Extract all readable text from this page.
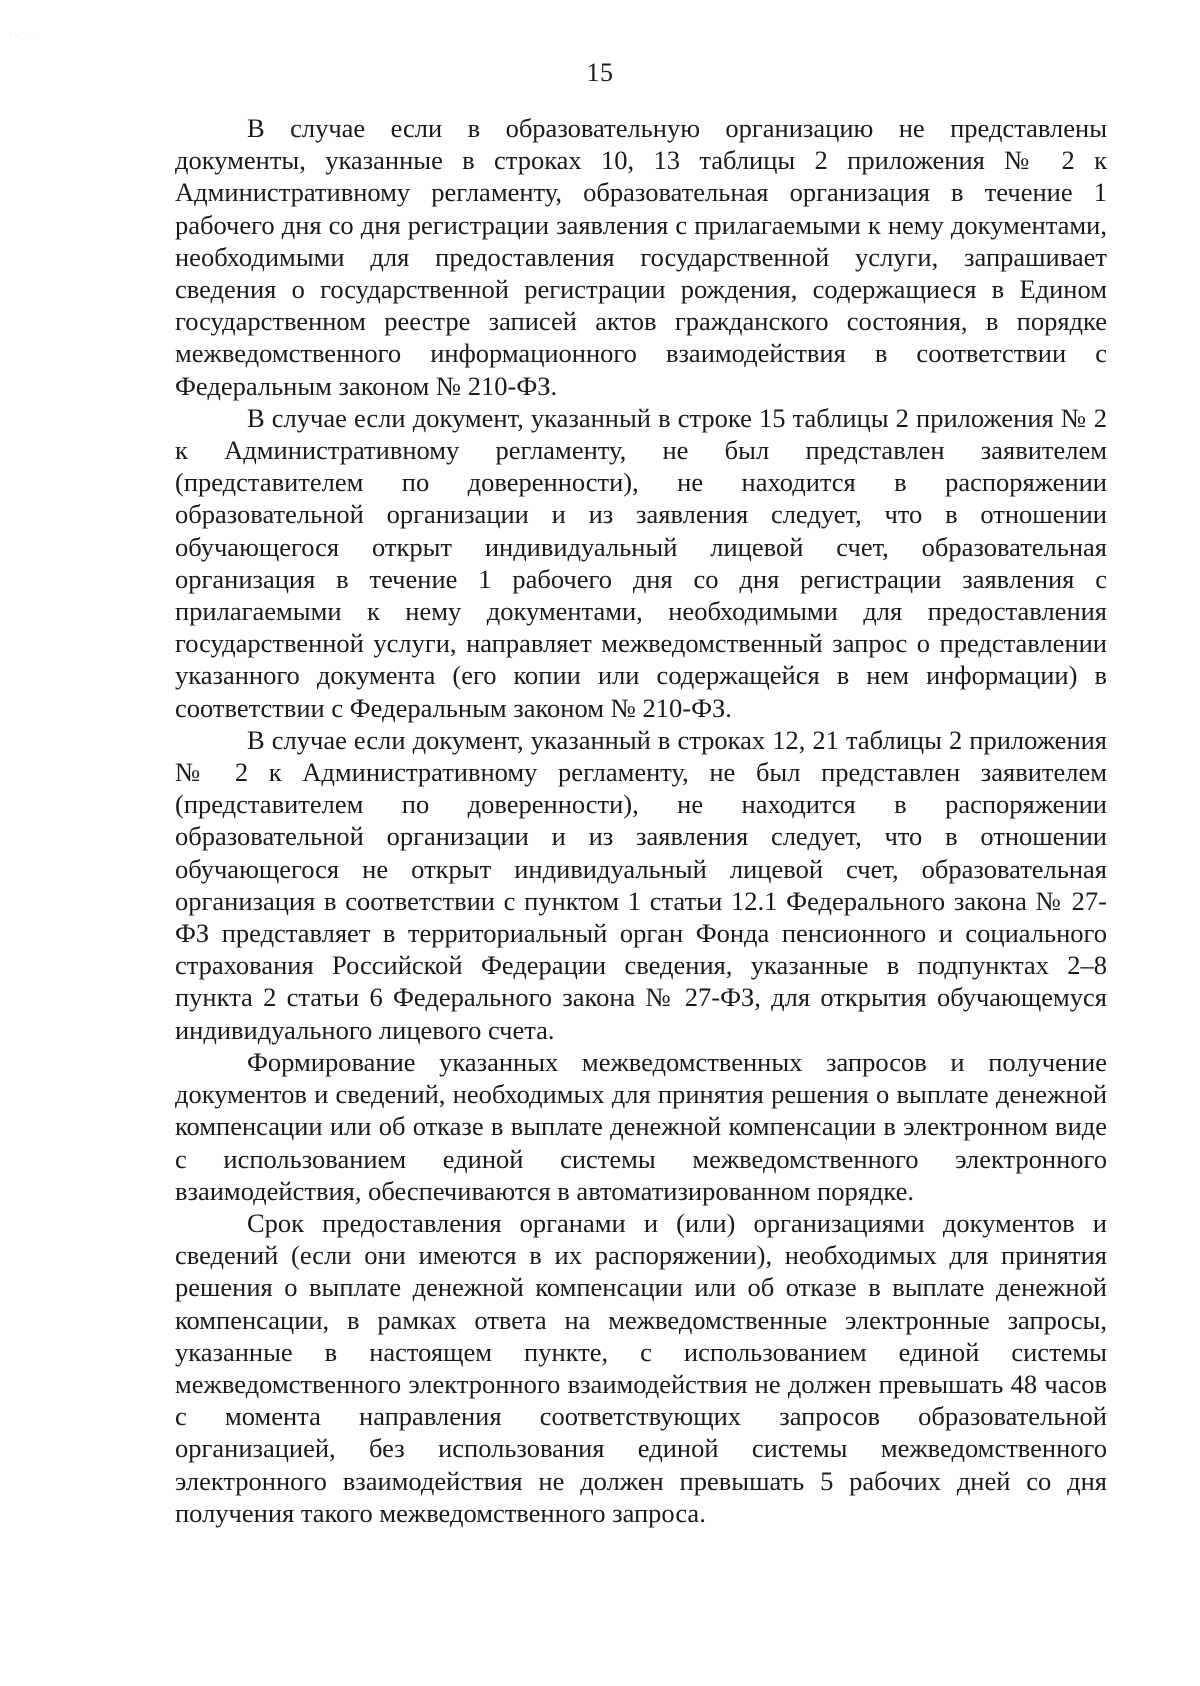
15

В случае если в образовательную организацию не представлены документы, указанные в строках 10, 13 таблицы 2 приложения № 2 к Административному регламенту, образовательная организация в течение 1 рабочего дня со дня регистрации заявления с прилагаемыми к нему документами, необходимыми для предоставления государственной услуги, запрашивает сведения о государственной регистрации рождения, содержащиеся в Едином государственном реестре записей актов гражданского состояния, в порядке межведомственного информационного взаимодействия в соответствии с Федеральным законом № 210-ФЗ.

В случае если документ, указанный в строке 15 таблицы 2 приложения № 2 к Административному регламенту, не был представлен заявителем (представителем по доверенности), не находится в распоряжении образовательной организации и из заявления следует, что в отношении обучающегося открыт индивидуальный лицевой счет, образовательная организация в течение 1 рабочего дня со дня регистрации заявления с прилагаемыми к нему документами, необходимыми для предоставления государственной услуги, направляет межведомственный запрос о представлении указанного документа (его копии или содержащейся в нем информации) в соответствии с Федеральным законом № 210-ФЗ.

В случае если документ, указанный в строках 12, 21 таблицы 2 приложения № 2 к Административному регламенту, не был представлен заявителем (представителем по доверенности), не находится в распоряжении образовательной организации и из заявления следует, что в отношении обучающегося не открыт индивидуальный лицевой счет, образовательная организация в соответствии с пунктом 1 статьи 12.1 Федерального закона № 27-ФЗ представляет в территориальный орган Фонда пенсионного и социального страхования Российской Федерации сведения, указанные в подпунктах 2–8 пункта 2 статьи 6 Федерального закона № 27-ФЗ, для открытия обучающемуся индивидуального лицевого счета.

Формирование указанных межведомственных запросов и получение документов и сведений, необходимых для принятия решения о выплате денежной компенсации или об отказе в выплате денежной компенсации в электронном виде с использованием единой системы межведомственного электронного взаимодействия, обеспечиваются в автоматизированном порядке.

Срок предоставления органами и (или) организациями документов и сведений (если они имеются в их распоряжении), необходимых для принятия решения о выплате денежной компенсации или об отказе в выплате денежной компенсации, в рамках ответа на межведомственные электронные запросы, указанные в настоящем пункте, с использованием единой системы межведомственного электронного взаимодействия не должен превышать 48 часов с момента направления соответствующих запросов образовательной организацией, без использования единой системы межведомственного электронного взаимодействия не должен превышать 5 рабочих дней со дня получения такого межведомственного запроса.
